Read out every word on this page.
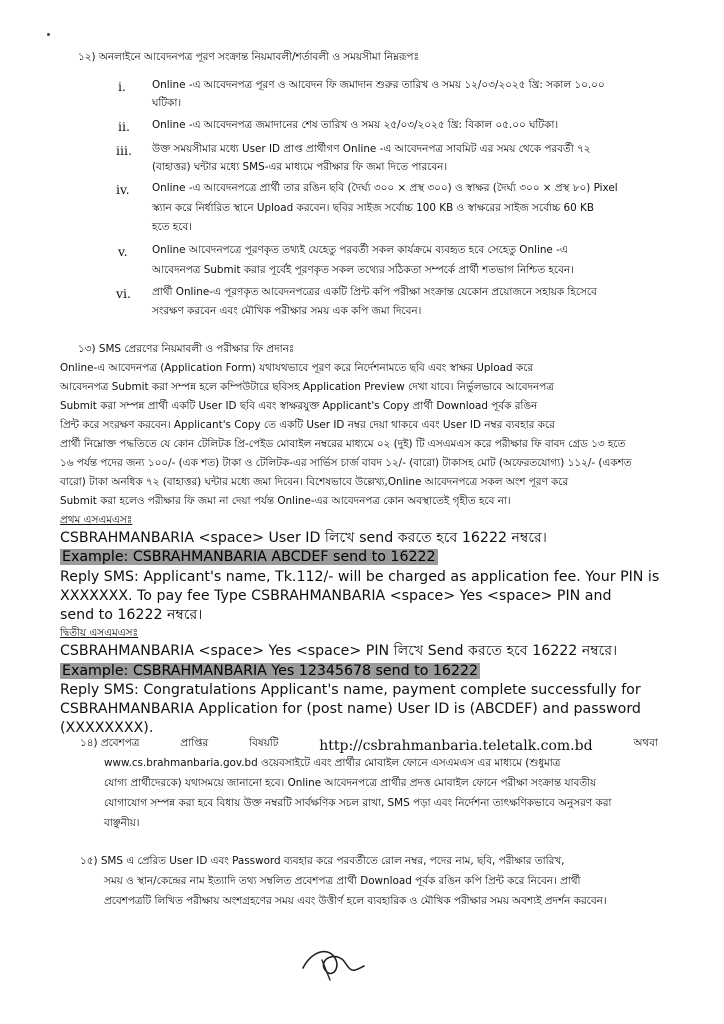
১২) অনলাইনে আবেদনপত্র পূরণ সংক্রান্ত নিয়মাবলী/শর্তাবলী ও সময়সীমা নিম্নরূপঃ
i.	Online -এ আবেদনপত্র পূরণ ও আবেদন ফি জমাদান শুরুর তারিখ ও সময় ১২/০৩/২০২৫ খ্রি: সকাল ১০.০০
ঘটিকা।
ii. Online -এ আবেদনপত্র জমাদানের শেষ তারিখ ও সময় ২৫/০৩/২০২৫ খ্রি: বিকাল ০৫.০০ ঘটিকা।
iii. উক্ত সময়সীমার মধ্যে User ID প্রাপ্ত প্রার্থীগণ Online -এ আবেদনপত্র সাবমিট এর সময় থেকে পরবর্তী ৭২
(বাহাত্তর) ঘন্টার মধ্যে SMS-এর মাধ্যমে পরীক্ষার ফি জমা দিতে পারবেন।
iv. Online -এ আবেদনপত্রে প্রার্থী তার রঙিন ছবি (দৈর্ঘ্য ৩০০ × প্রস্থ ৩০০) ও স্বাক্ষর (দৈর্ঘ্য ৩০০ × প্রস্থ ৮০) Pixel
স্ক্যান করে নির্ধারিত স্থানে Upload করবেন। ছবির সাইজ সর্বোচ্চ 100 KB ও স্বাক্ষরের সাইজ সর্বোচ্চ 60 KB
হতে হবে।
v. Online আবেদনপত্রে পূরণকৃত তথ্যই যেহেতু পরবর্তী সকল কার্যক্রমে ব্যবহৃত হবে সেহেতু Online -এ
আবেদনপত্র Submit করার পূর্বেই পূরণকৃত সকল তথ্যের সঠিকতা সম্পর্কে প্রার্থী শতভাগ নিশ্চিত হবেন।
vi. প্রার্থী Online-এ পূরণকৃত আবেদনপত্রের একটি প্রিন্ট কপি পরীক্ষা সংক্রান্ত যেকোন প্রয়োজনে সহায়ক হিসেবে
সংরক্ষণ করবেন এবং মৌখিক পরীক্ষার সময় এক কপি জমা দিবেন।
১৩) SMS প্রেরণের নিয়মাবলী ও পরীক্ষার ফি প্রদানঃ
Online-এ আবেদনপত্র (Application Form) যথাযথভাবে পূরণ করে নির্দেশনামতে ছবি এবং স্বাক্ষর Upload করে
আবেদনপত্র Submit করা সম্পন্ন হলে কম্পিউটারে ছবিসহ Application Preview দেখা যাবে। নির্ভুলভাবে আবেদনপত্র
Submit করা সম্পন্ন প্রার্থী একটি User ID ছবি এবং স্বাক্ষরযুক্ত Applicant's Copy প্রার্থী Download পূর্বক রঙিন
প্রিন্ট করে সংরক্ষণ করবেন। Applicant's Copy তে একটি User ID নম্বর দেয়া থাকবে এবং User ID নম্বর ব্যবহার করে
প্রার্থী নিম্নোক্ত পদ্ধতিতে যে কোন টেলিটক প্রি-পেইড মোবাইল নম্বরের মাধ্যমে ০২ (দুই) টি এসএমএস করে পরীক্ষার ফি বাবদ গ্রেড ১৩ হতে
১৬ পর্যন্ত পদের জন্য ১০০/- (এক শত) টাকা ও টেলিটক-এর সার্ভিস চার্জ বাবদ ১২/- (বারো) টাকাসহ মোট (অফেরতযোগ্য) ১১২/- (একশত
বারো) টাকা অনধিক ৭২ (বাহাত্তর) ঘন্টার মধ্যে জমা দিবেন। বিশেষভাবে উল্লেখ্য,Online আবেদনপত্রে সকল অংশ পূরণ করে
Submit করা হলেও পরীক্ষার ফি জমা না দেয়া পর্যন্ত Online-এর আবেদনপত্র কোন অবস্থাতেই গৃহীত হবে না।
প্রথম এসএমএসঃ
CSBRAHMANBARIA <space> User ID লিখে send করতে হবে 16222 নম্বরে।
Example: CSBRAHMANBARIA ABCDEF send to 16222
Reply SMS: Applicant's name, Tk.112/- will be charged as application fee. Your PIN is
XXXXXXX. To pay fee Type CSBRAHMANBARIA <space> Yes <space> PIN and
send to 16222 নম্বরে।
দ্বিতীয় এসএমএসঃ
CSBRAHMANBARIA <space> Yes <space> PIN লিখে Send করতে হবে 16222 নম্বরে।
Example: CSBRAHMANBARIA Yes 12345678 send to 16222
Reply SMS: Congratulations Applicant's name, payment complete successfully for
CSBRAHMANBARIA Application for (post name) User ID is (ABCDEF) and password
(XXXXXXXX).
১৪) প্রবেশপত্র	প্রাপ্তির	বিষয়টি	http://csbrahmanbaria.teletalk.com.bd	অথবা
www.cs.brahmanbaria.gov.bd ওয়েবসাইটে এবং প্রার্থীর মোবাইল ফোনে এসএমএস এর মাধ্যমে (শুধুমাত্র
যোগ্য প্রার্থীদেরকে) যথাসময়ে জানানো হবে। Online আবেদনপত্রে প্রার্থীর প্রদত্ত মোবাইল ফোনে পরীক্ষা সংক্রান্ত যাবতীয়
যোগাযোগ সম্পন্ন করা হবে বিধায় উক্ত নম্বরটি সার্বক্ষণিক সচল রাখা, SMS পড়া এবং নির্দেশনা তাৎক্ষণিকভাবে অনুসরণ করা
বাঞ্ছনীয়।
১৫) SMS এ প্রেরিত User ID এবং Password ব্যবহার করে পরবর্তীতে রোল নম্বর, পদের নাম, ছবি, পরীক্ষার তারিখ,
সময় ও স্থান/কেন্দ্রের নাম ইত্যাদি তথ্য সম্বলিত প্রবেশপত্র প্রার্থী Download পূর্বক রঙিন কপি প্রিন্ট করে নিবেন। প্রার্থী
প্রবেশপত্রটি লিখিত পরীক্ষায় অংশগ্রহণের সময় এবং উত্তীর্ণ হলে ব্যবহারিক ও মৌখিক পরীক্ষার সময় অবশ্যই প্রদর্শন করবেন।
